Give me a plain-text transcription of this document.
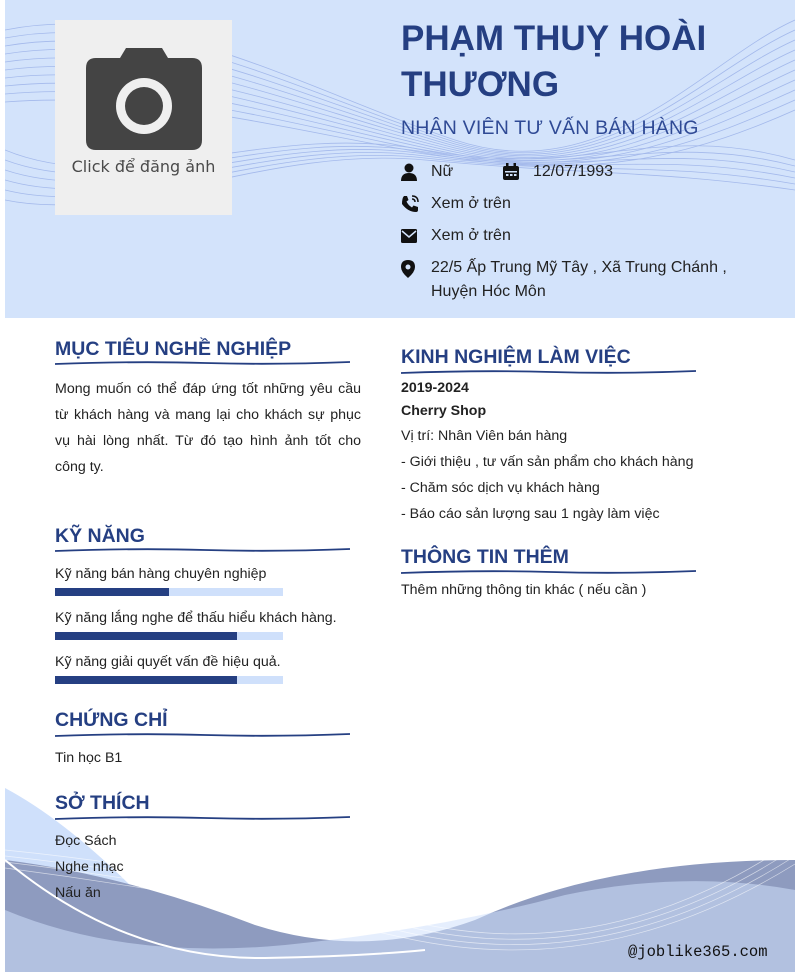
Click để đăng ảnh
PHẠM THUỴ HOÀI THƯƠNG
NHÂN VIÊN TƯ VẤN BÁN HÀNG
Nữ	12/07/1993
Xem ở trên
Xem ở trên
22/5 Ấp Trung Mỹ Tây , Xã Trung Chánh ,
Huyện Hóc Môn
MỤC TIÊU NGHỀ NGHIỆP
Mong muốn có thể đáp ứng tốt những yêu cầu từ khách hàng và mang lại cho khách sự phục vụ hài lòng nhất. Từ đó tạo hình ảnh tốt cho công ty.
KỸ NĂNG
Kỹ năng bán hàng chuyên nghiệp
Kỹ năng lắng nghe để thấu hiểu khách hàng.
Kỹ năng giải quyết vấn đề hiệu quả.
CHỨNG CHỈ
Tin học B1
SỞ THÍCH
Đọc Sách
Nghe nhạc
Nấu ăn
KINH NGHIỆM LÀM VIỆC
2019-2024
Cherry Shop
Vị trí: Nhân Viên bán hàng
- Giới thiệu , tư vấn sản phẩm cho khách hàng
- Chăm sóc dịch vụ khách hàng
- Báo cáo sản lượng sau 1 ngày làm việc
THÔNG TIN THÊM
Thêm những thông tin khác ( nếu cần )
@joblike365.com
